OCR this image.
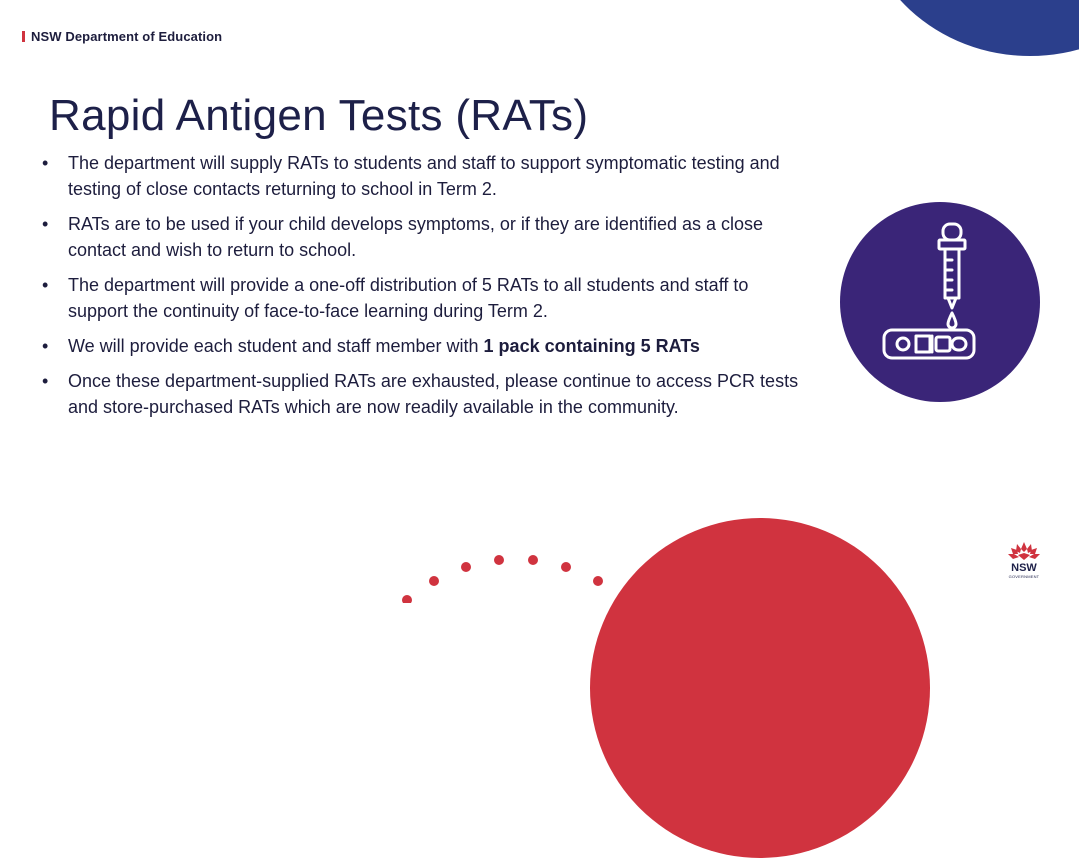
NSW Department of Education
Rapid Antigen Tests (RATs)
• The department will supply RATs to students and staff to support symptomatic testing and testing of close contacts returning to school in Term 2.
• RATs are to be used if your child develops symptoms, or if they are identified as a close contact and wish to return to school.
• The department will provide a one-off distribution of 5 RATs to all students and staff to support the continuity of face-to-face learning during Term 2.
• We will provide each student and staff member with 1 pack containing 5 RATs
• Once these department-supplied RATs are exhausted, please continue to access PCR tests and store-purchased RATs which are now readily available in the community.
NSW
GOVERNMENT
